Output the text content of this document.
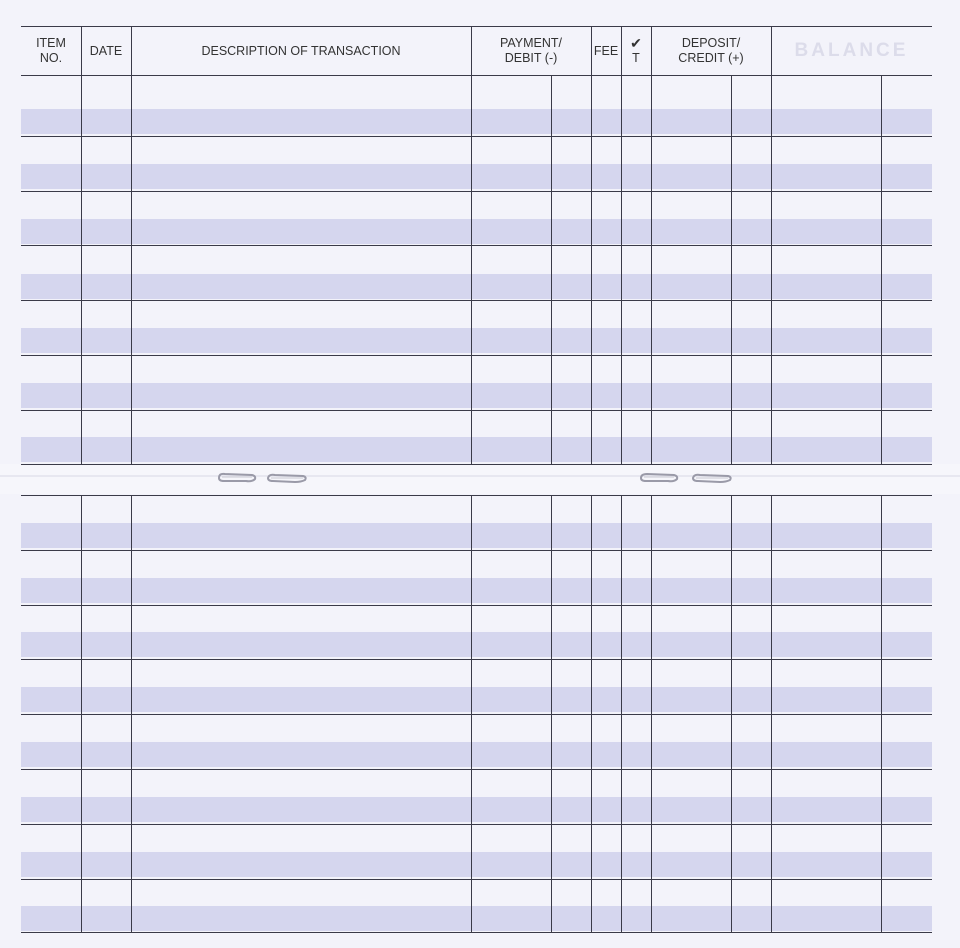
ITEM
NO.
DATE	DESCRIPTION OF TRANSACTION
PAYMENT/
DEBIT (-)
FEE ✔
T
DEPOSIT/
CREDIT (+)	BALANCE
